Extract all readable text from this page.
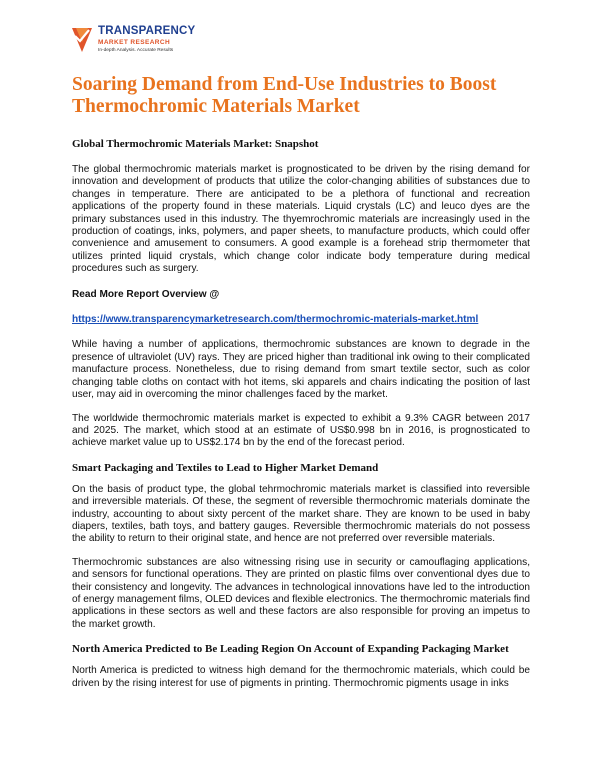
TRANSPARENCY
MARKET RESEARCH
In-depth Analysis. Accurate Results
Soaring Demand from End-Use Industries to Boost Thermochromic Materials Market
Global Thermochromic Materials Market: Snapshot

The global thermochromic materials market is prognosticated to be driven by the rising demand for innovation and development of products that utilize the color-changing abilities of substances due to changes in temperature. There are anticipated to be a plethora of functional and recreation applications of the property found in these materials. Liquid crystals (LC) and leuco dyes are the primary substances used in this industry. The thyemrochromic materials are increasingly used in the production of coatings, inks, polymers, and paper sheets, to manufacture products, which could offer convenience and amusement to consumers. A good example is a forehead strip thermometer that utilizes printed liquid crystals, which change color indicate body temperature during medical procedures such as surgery.

Read More Report Overview @

https://www.transparencymarketresearch.com/thermochromic-materials-market.html

While having a number of applications, thermochromic substances are known to degrade in the presence of ultraviolet (UV) rays. They are priced higher than traditional ink owing to their complicated manufacture process. Nonetheless, due to rising demand from smart textile sector, such as color changing table cloths on contact with hot items, ski apparels and chairs indicating the position of last user, may aid in overcoming the minor challenges faced by the market.

The worldwide thermochromic materials market is expected to exhibit a 9.3% CAGR between 2017 and 2025. The market, which stood at an estimate of US$0.998 bn in 2016, is prognosticated to achieve market value up to US$2.174 bn by the end of the forecast period.

Smart Packaging and Textiles to Lead to Higher Market Demand

On the basis of product type, the global tehrmochromic materials market is classified into reversible and irreversible materials. Of these, the segment of reversible thermochromic materials dominate the industry, accounting to about sixty percent of the market share. They are known to be used in baby diapers, textiles, bath toys, and battery gauges. Reversible thermochromic materials do not possess the ability to return to their original state, and hence are not preferred over reversible materials.

Thermochromic substances are also witnessing rising use in security or camouflaging applications, and sensors for functional operations. They are printed on plastic films over conventional dyes due to their consistency and longevity. The advances in technological innovations have led to the introduction of energy management films, OLED devices and flexible electronics. The thermochromic materials find applications in these sectors as well and these factors are also responsible for proving an impetus to the market growth.

North America Predicted to Be Leading Region On Account of Expanding Packaging Market

North America is predicted to witness high demand for the thermochromic materials, which could be driven by the rising interest for use of pigments in printing. Thermochromic pigments usage in inks
